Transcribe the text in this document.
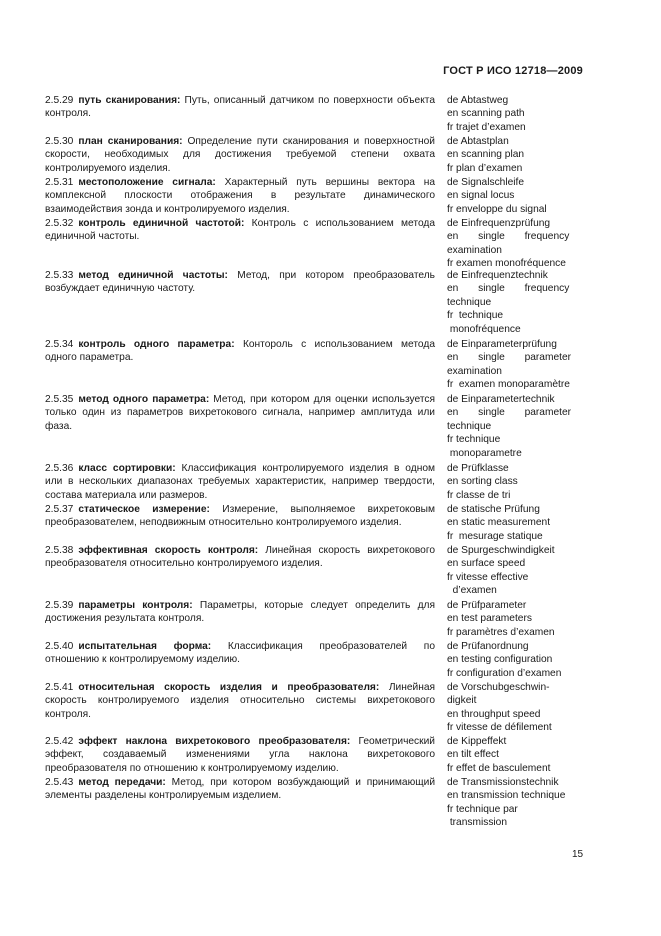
ГОСТ Р ИСО 12718—2009
2.5.29 путь сканирования: Путь, описанный датчиком по поверхности объекта контроля.
de Abtastweg
en scanning path
fr trajet d’examen
2.5.30 план сканирования: Определение пути сканирования и поверхностной скорости, необходимых для достижения требуемой степени охвата контролируемого изделия.
de Abtastplan
en scanning plan
fr plan d’examen
2.5.31 местоположение сигнала: Характерный путь вершины вектора на комплексной плоскости отображения в результате динамического взаимодействия зонда и контролируемого изделия.
de Signalschleife
en signal locus
fr enveloppe du signal
2.5.32 контроль единичной частотой: Контроль с использованием метода единичной частоты.
de Einfrequenzprüfung
en       single       frequency
examination
fr examen monofréquence
2.5.33 метод единичной частоты: Метод, при котором преобразователь возбуждает единичную частоту.
de Einfrequenztechnik
en       single       frequency
technique
fr  technique
monofréquence
2.5.34 контроль одного параметра: Контороль с использованием метода одного параметра.
de Einparameterprüfung
en       single       parameter
examination
fr  examen monoparamètre
2.5.35 метод одного параметра: Метод, при котором для оценки используется только один из параметров вихретокового сигнала, например амплитуда или фаза.
de Einparametertechnik
en       single       parameter
technique
fr technique
monoparametre
2.5.36 класс сортировки: Классификация контролируемого изделия в одном или в нескольких диапазонах требуемых характеристик, например твердости, состава материала или размеров.
de Prüfklasse
en sorting class
fr classe de tri
2.5.37 статическое измерение: Измерение, выполняемое вихретоковым преобразователем, неподвижным относительно контролируемого изделия.
de statische Prüfung
en static measurement
fr  mesurage statique
2.5.38 эффективная скорость контроля: Линейная скорость вихретокового преобразователя относительно контролируемого изделия.
de Spurgeschwindigkeit
en surface speed
fr vitesse effective
d’examen
2.5.39 параметры контроля: Параметры, которые следует определить для достижения результата контроля.
de Prüfparameter
en test parameters
fr paramètres d’examen
2.5.40 испытательная форма: Классификация преобразователей по отношению к контролируемому изделию.
de Prüfanordnung
en testing configuration
fr configuration d’examen
2.5.41 относительная скорость изделия и преобразователя: Линейная скорость контролируемого изделия относительно системы вихретокового контроля.
de Vorschubgeschwin-
digkeit
en throughput speed
fr vitesse de défilement
2.5.42 эффект наклона вихретокового преобразователя: Геометрический эффект, создаваемый изменениями угла наклона вихретокового преобразователя по отношению к контролируемому изделию.
de Kippeffekt
en tilt effect
fr effet de basculement
2.5.43 метод передачи: Метод, при котором возбуждающий и принимающий элементы разделены контролируемым изделием.
de Transmissionstechnik
en transmission technique
fr technique par
transmission
15
